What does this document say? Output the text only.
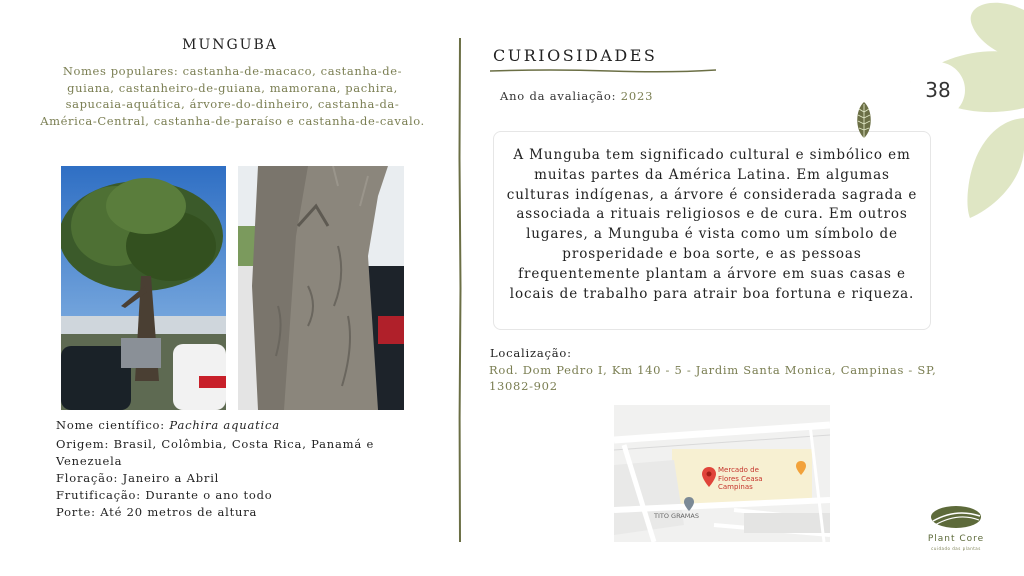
MUNGUBA
Nomes populares: castanha-de-macaco, castanha-de-guiana, castanheiro-de-guiana, mamorana, pachira, sapucaia-aquática, árvore-do-dinheiro, castanha-da-América-Central, castanha-de-paraíso e castanha-de-cavalo.
Nome científico: Pachira aquatica
Origem: Brasil, Colômbia, Costa Rica, Panamá e Venezuela
Floração: Janeiro a Abril
Frutificação: Durante o ano todo
Porte: Até 20 metros de altura
CURIOSIDADES
Ano da avaliação: 2023
A Munguba tem significado cultural e simbólico em muitas partes da América Latina. Em algumas culturas indígenas, a árvore é considerada sagrada e associada a rituais religiosos e de cura. Em outros lugares, a Munguba é vista como um símbolo de prosperidade e boa sorte, e as pessoas frequentemente plantam a árvore em suas casas e locais de trabalho para atrair boa fortuna e riqueza.
Localização:
Rod. Dom Pedro I, Km 140 - 5 - Jardim Santa Monica, Campinas - SP, 13082-902
Mercado de Flores Ceasa Campinas
TITO GRAMAS
38
Plant Core
cuidado das plantas
